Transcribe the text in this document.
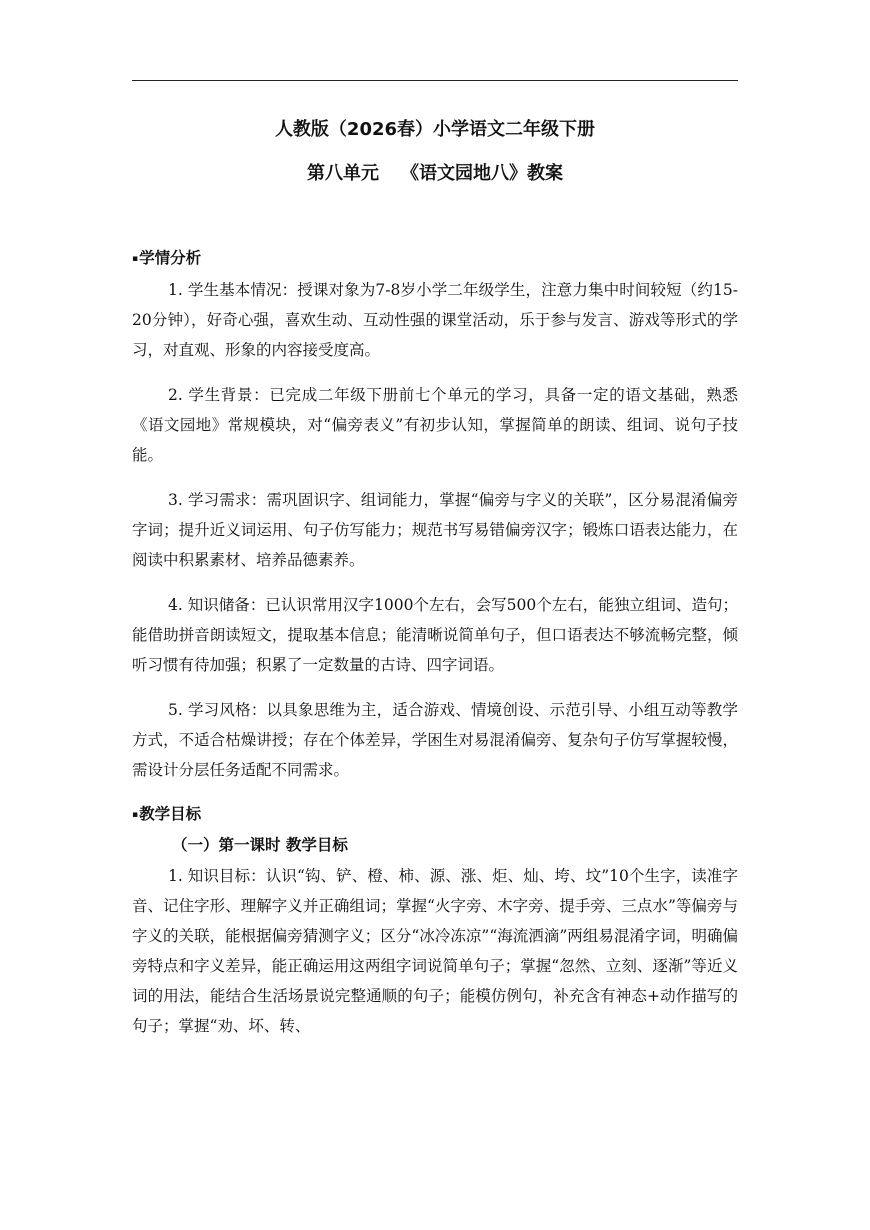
人教版（2026春）小学语文二年级下册
第八单元 《语文园地八》教案
▪学情分析

1. 学生基本情况：授课对象为7-8岁小学二年级学生，注意力集中时间较短（约15-20分钟），好奇心强，喜欢生动、互动性强的课堂活动，乐于参与发言、游戏等形式的学习，对直观、形象的内容接受度高。

2. 学生背景：已完成二年级下册前七个单元的学习，具备一定的语文基础，熟悉《语文园地》常规模块，对“偏旁表义”有初步认知，掌握简单的朗读、组词、说句子技能。

3. 学习需求：需巩固识字、组词能力，掌握“偏旁与字义的关联”，区分易混淆偏旁字词；提升近义词运用、句子仿写能力；规范书写易错偏旁汉字；锻炼口语表达能力，在阅读中积累素材、培养品德素养。

4. 知识储备：已认识常用汉字1000个左右，会写500个左右，能独立组词、造句；能借助拼音朗读短文，提取基本信息；能清晰说简单句子，但口语表达不够流畅完整，倾听习惯有待加强；积累了一定数量的古诗、四字词语。

5. 学习风格：以具象思维为主，适合游戏、情境创设、示范引导、小组互动等教学方式，不适合枯燥讲授；存在个体差异，学困生对易混淆偏旁、复杂句子仿写掌握较慢，需设计分层任务适配不同需求。

▪教学目标
（一）第一课时 教学目标

1. 知识目标：认识“钩、铲、橙、柿、源、涨、炬、灿、垮、坟”10个生字，读准字音、记住字形、理解字义并正确组词；掌握“火字旁、木字旁、提手旁、三点水”等偏旁与字义的关联，能根据偏旁猜测字义；区分“冰冷冻凉”“海流洒滴”两组易混淆字词，明确偏旁特点和字义差异，能正确运用这两组字词说简单句子；掌握“忽然、立刻、逐渐”等近义词的用法，能结合生活场景说完整通顺的句子；能模仿例句，补充含有神态+动作描写的句子；掌握“劝、坏、转、
